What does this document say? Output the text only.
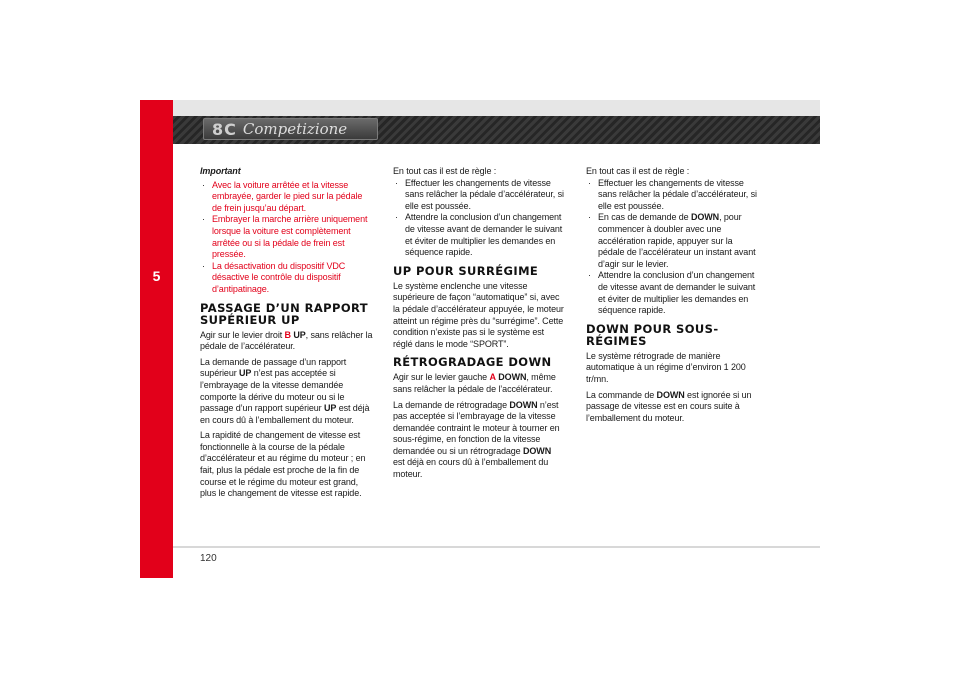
5
8C Competizione
Important
· Avec la voiture arrêtée et la vitesse embrayée, garder le pied sur la pédale de frein jusqu’au départ.
· Embrayer la marche arrière uniquement lorsque la voiture est complètement arrêtée ou si la pédale de frein est pressée.
· La désactivation du dispositif VDC désactive le contrôle du dispositif d’antipatinage.
PASSAGE D’UN RAPPORT SUPÉRIEUR UP

Agir sur le levier droit B UP, sans relâcher la pédale de l’accélérateur.

La demande de passage d’un rapport supérieur UP n’est pas acceptée si l’embrayage de la vitesse demandée comporte la dérive du moteur ou si le passage d’un rapport supérieur UP est déjà en cours dû à l’emballement du moteur.

La rapidité de changement de vitesse est fonctionnelle à la course de la pédale d’accélérateur et au régime du moteur ; en fait, plus la pédale est proche de la fin de course et le régime du moteur est grand, plus le changement de vitesse est rapide.

En tout cas il est de règle :

· Effectuer les changements de vitesse sans relâcher la pédale d’accélérateur, si elle est poussée.
· Attendre la conclusion d’un changement de vitesse avant de demander le suivant et éviter de multiplier les demandes en séquence rapide.
UP POUR SURRÉGIME

Le système enclenche une vitesse supérieure de façon “automatique” si, avec la pédale d’accélérateur appuyée, le moteur atteint un régime près du “surrégime”. Cette condition n’existe pas si le système est réglé dans le mode “SPORT”.

RÉTROGRADAGE DOWN

Agir sur le levier gauche A DOWN, même sans relâcher la pédale de l’accélérateur.

La demande de rétrogradage DOWN n’est pas acceptée si l’embrayage de la vitesse demandée contraint le moteur à tourner en sous-régime, en fonction de la vitesse demandée ou si un rétrogradage DOWN est déjà en cours dû à l’emballement du moteur.

En tout cas il est de règle :

· Effectuer les changements de vitesse sans relâcher la pédale d’accélérateur, si elle est poussée.
· En cas de demande de DOWN, pour commencer à doubler avec une accélération rapide, appuyer sur la pédale de l’accélérateur un instant avant d’agir sur le levier.
· Attendre la conclusion d’un changement de vitesse avant de demander le suivant et éviter de multiplier les demandes en séquence rapide.
DOWN POUR SOUS-RÉGIMES

Le système rétrograde de manière automatique à un régime d’environ 1 200 tr/mn.

La commande de DOWN est ignorée si un passage de vitesse est en cours suite à l’emballement du moteur.

120
